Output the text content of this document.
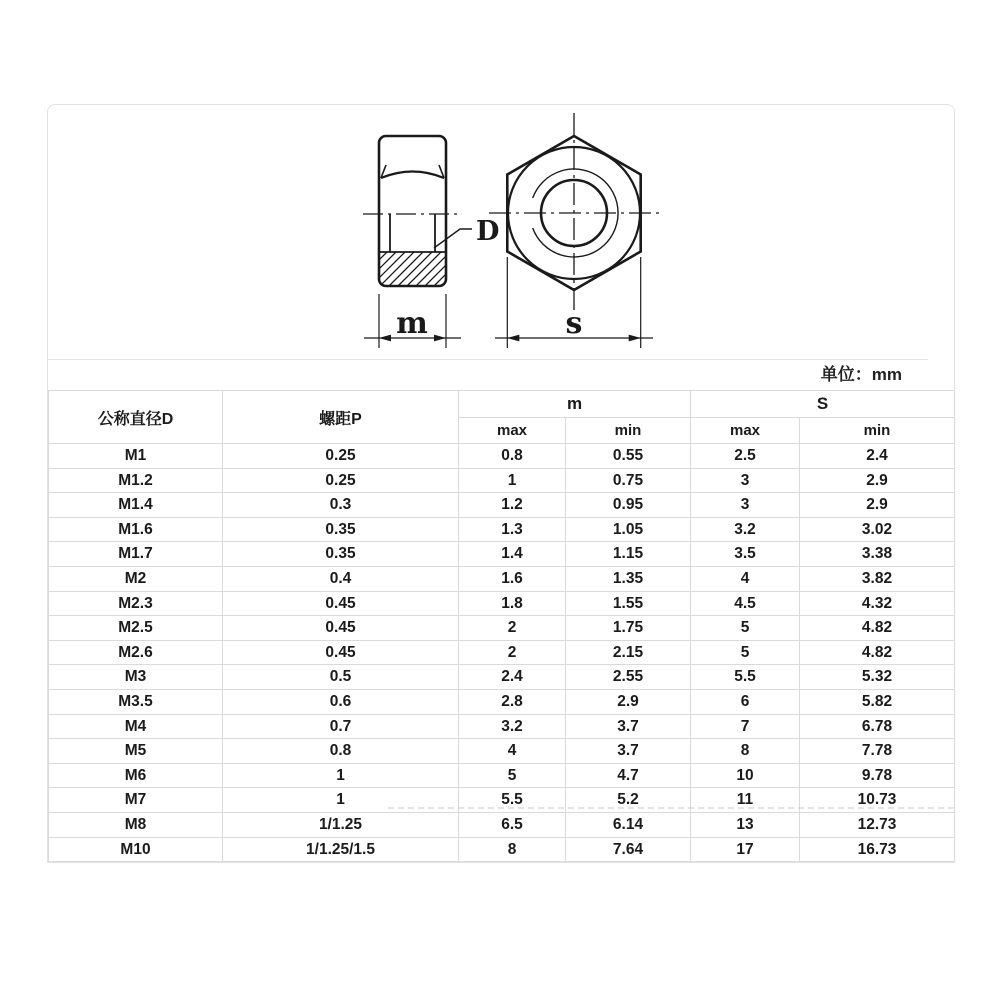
D
m	s
单位：mm
公称直径D	螺距P	m		S	
		max	min	max	min
M1	0.25	0.8	0.55	2.5	2.4
M1.2	0.25	1	0.75	3	2.9
M1.4	0.3	1.2	0.95	3	2.9
M1.6	0.35	1.3	1.05	3.2	3.02
M1.7	0.35	1.4	1.15	3.5	3.38
M2	0.4	1.6	1.35	4	3.82
M2.3	0.45	1.8	1.55	4.5	4.32
M2.5	0.45	2	1.75	5	4.82
M2.6	0.45	2	2.15	5	4.82
M3	0.5	2.4	2.55	5.5	5.32
M3.5	0.6	2.8	2.9	6	5.82
M4	0.7	3.2	3.7	7	6.78
M5	0.8	4	3.7	8	7.78
M6	1	5	4.7	10	9.78
M7	1	5.5	5.2	11	10.73
M8	1/1.25	6.5	6.14	13	12.73
M10	1/1.25/1.5	8	7.64	17	16.73
